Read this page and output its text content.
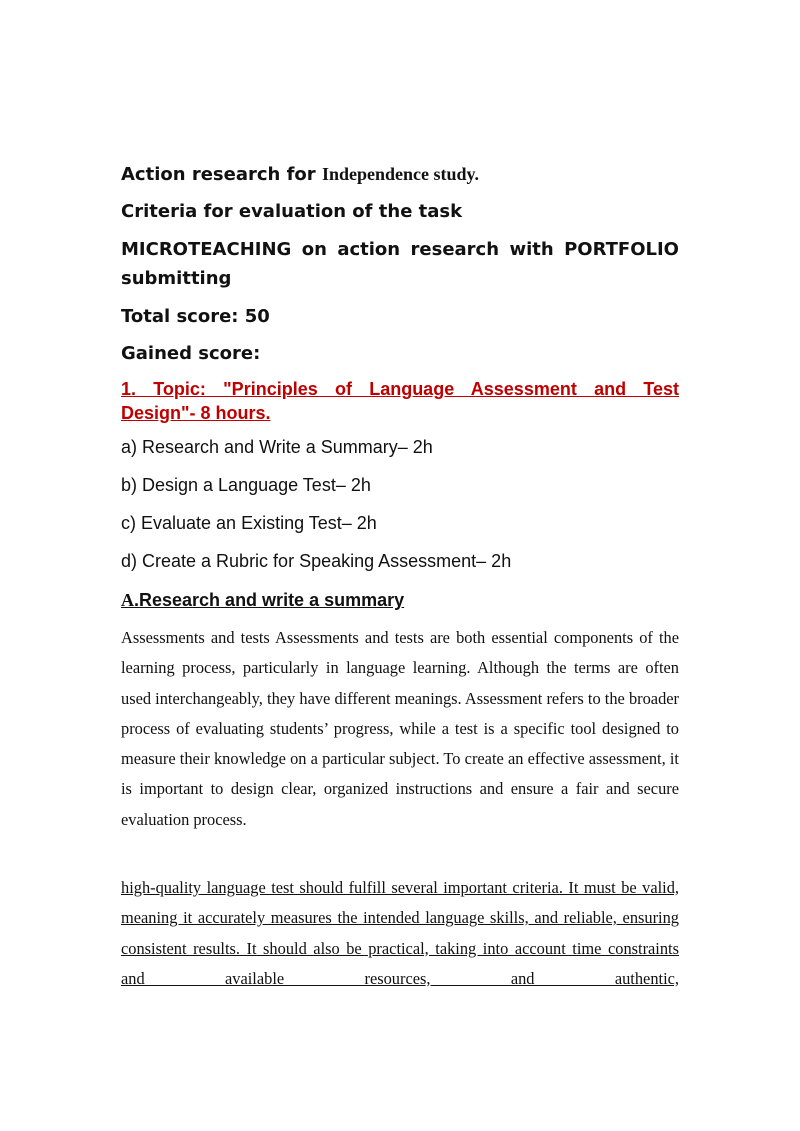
Action research for Independence study.

Criteria for evaluation of the task

MICROTEACHING on action research with PORTFOLIO submitting

Total score: 50

Gained score:

1. Topic: "Principles of Language Assessment and Test
Design"- 8 hours.

a) Research and Write a Summary– 2h

b) Design a Language Test– 2h

c) Evaluate an Existing Test– 2h

d) Create a Rubric for Speaking Assessment– 2h

A.Research and write a summary

Assessments and tests Assessments and tests are both essential components of the learning process, particularly in language learning. Although the terms are often used interchangeably, they have different meanings. Assessment refers to the broader process of evaluating students’ progress, while a test is a specific tool designed to measure their knowledge on a particular subject. To create an effective assessment, it is important to design clear, organized instructions and ensure a fair and secure evaluation process.

high-quality language test should fulfill several important criteria. It must be valid, meaning it accurately measures the intended language skills, and reliable, ensuring consistent results. It should also be practical, taking into account time constraints and available resources, and authentic,
